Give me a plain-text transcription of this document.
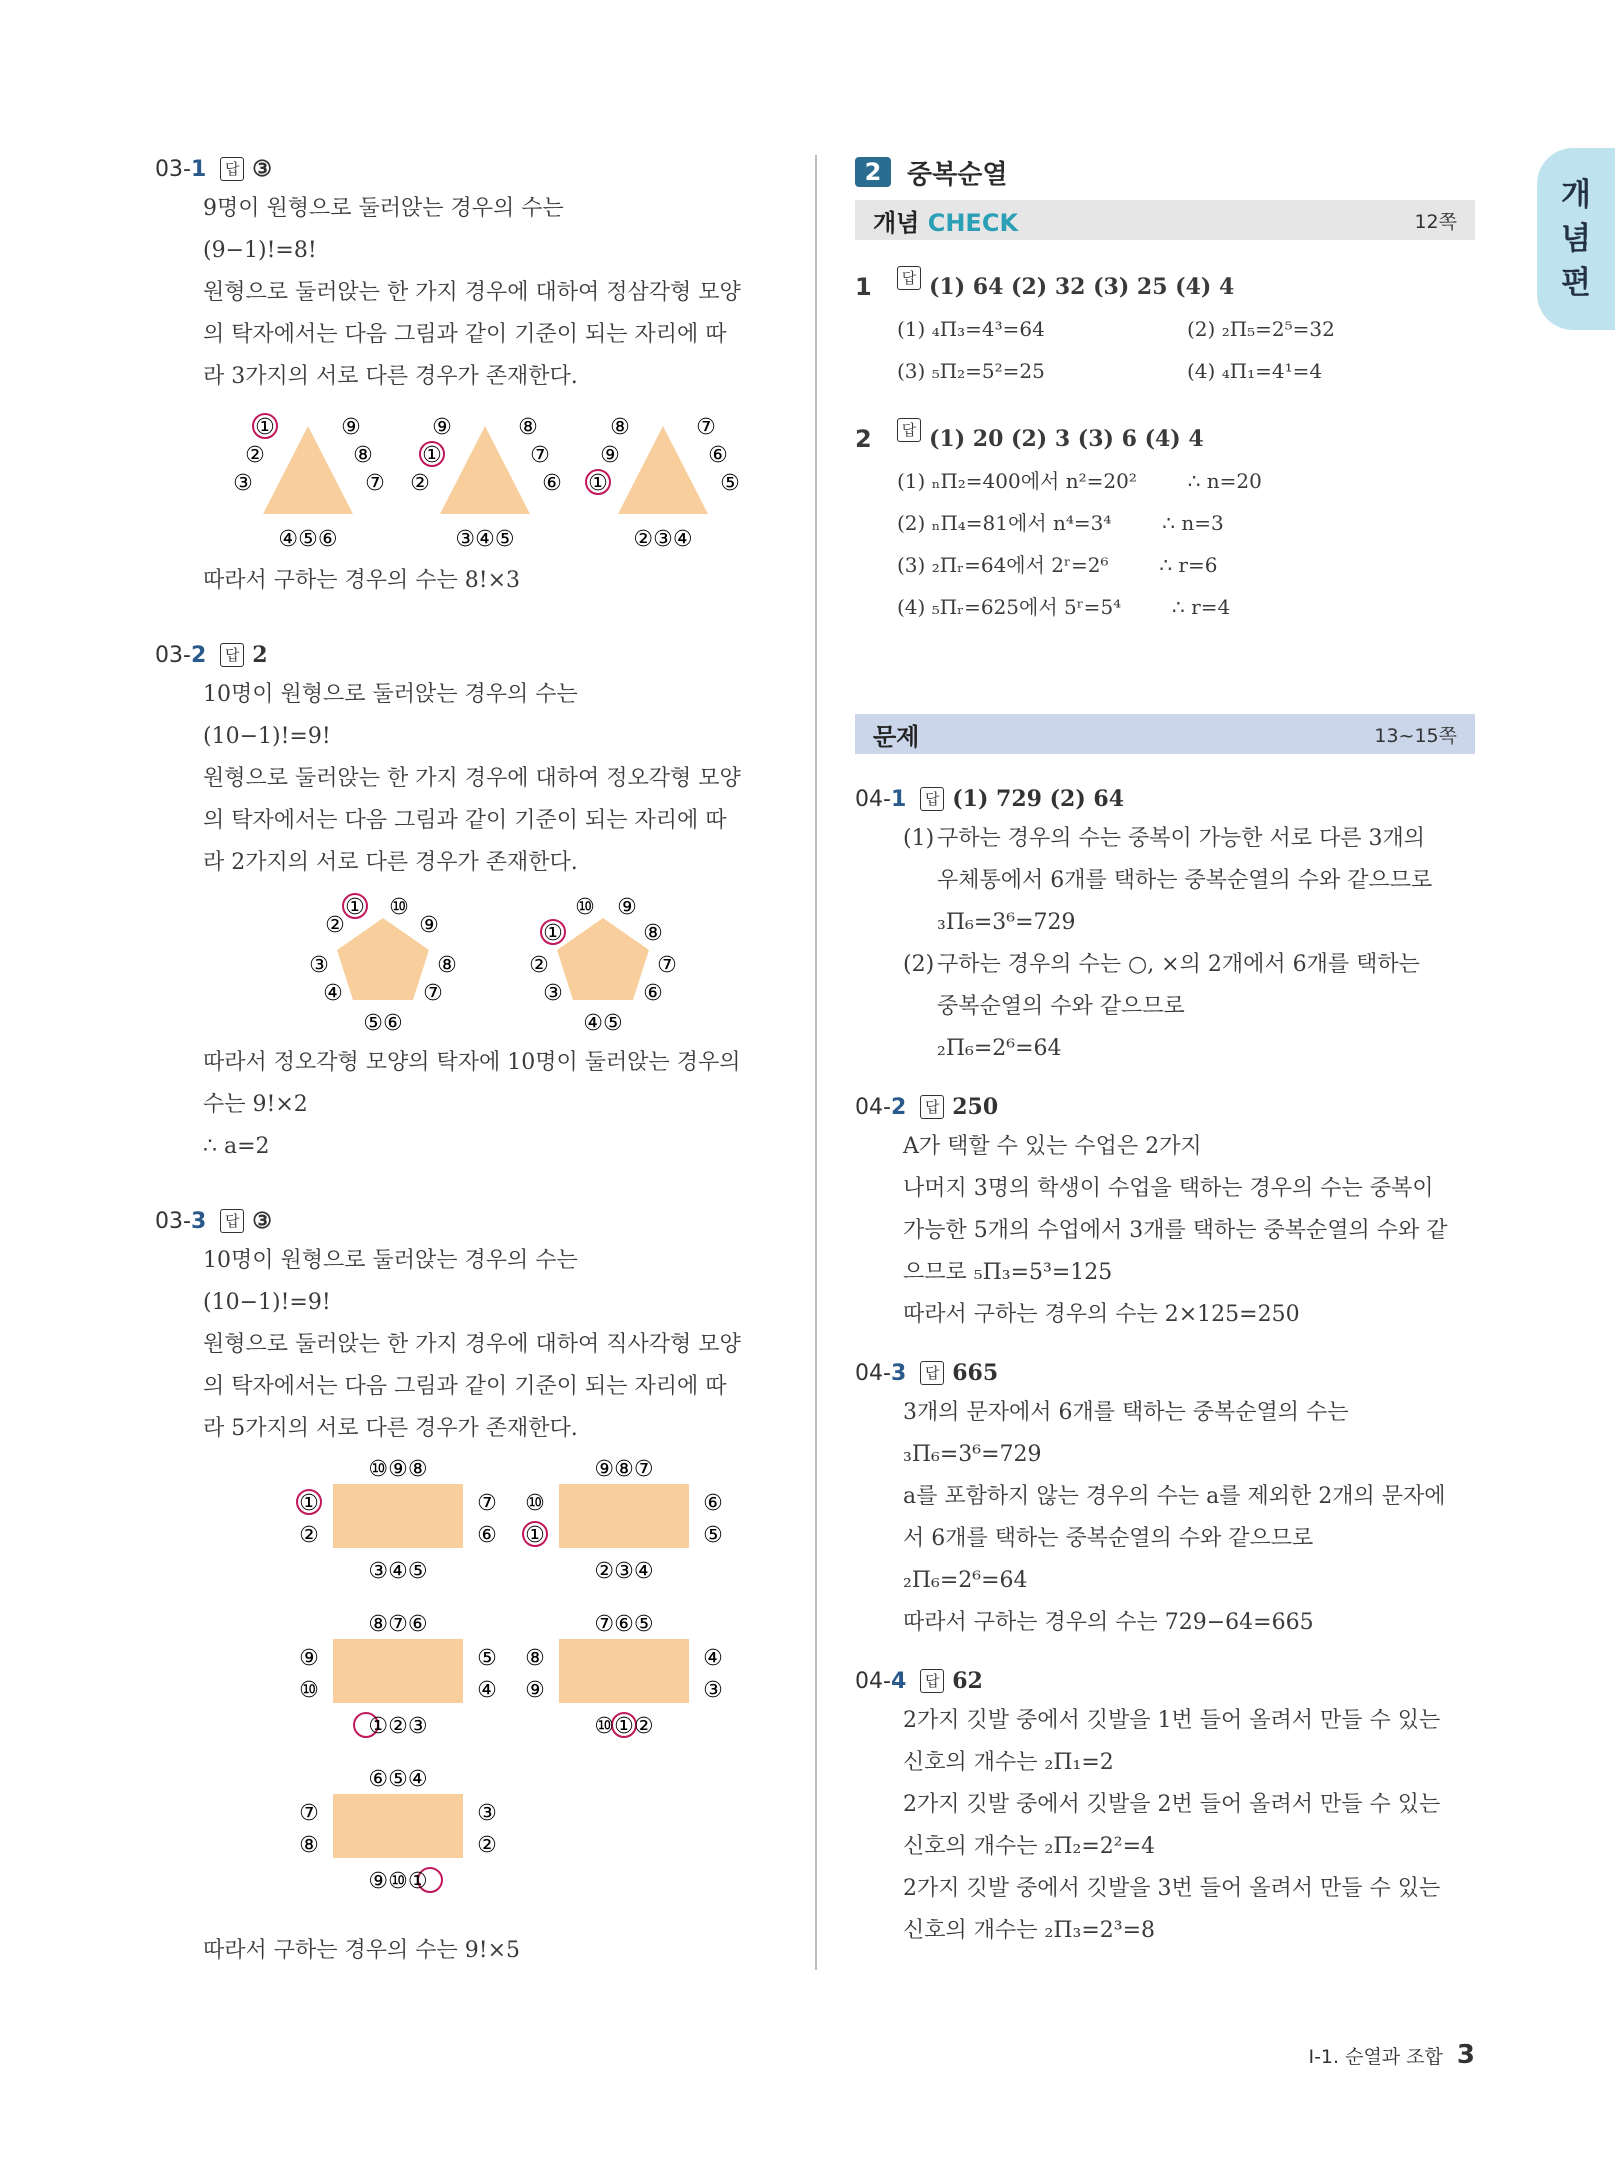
개
념
편
03- 1	답 ③
9명이 원형으로 둘러앉는 경우의 수는
(9−1)!=8!
원형으로 둘러앉는 한 가지 경우에 대하여 정삼각형 모양
의 탁자에서는 다음 그림과 같이 기준이 되는 자리에 따
라 3가지의 서로 다른 경우가 존재한다.
①	⑨
②
③
⑧
⑦
④⑤⑥
⑨	⑧
①
②
⑦
⑥
③④⑤
⑧	⑦
⑨
①
⑥
⑤
②③④
따라서 구하는 경우의 수는 8!×3
03- 2	답 2
10명이 원형으로 둘러앉는 경우의 수는
(10−1)!=9!
원형으로 둘러앉는 한 가지 경우에 대하여 정오각형 모양
의 탁자에서는 다음 그림과 같이 기준이 되는 자리에 따
라 2가지의 서로 다른 경우가 존재한다.
① ⑩
⑨
②
③
④
⑧
⑦
⑤⑥
①
⑩ ⑨
⑧
②
③
⑦
⑥
④⑤
따라서 정오각형 모양의 탁자에 10명이 둘러앉는 경우의
수는 9!×2
∴ a=2
03- 3	답 ③
10명이 원형으로 둘러앉는 경우의 수는
(10−1)!=9!
원형으로 둘러앉는 한 가지 경우에 대하여 직사각형 모양
의 탁자에서는 다음 그림과 같이 기준이 되는 자리에 따
라 5가지의 서로 다른 경우가 존재한다.
⑩⑨⑧
①
②
⑦
⑥
③④⑤
⑨⑧⑦
⑩
①
⑥
⑤
②③④
⑧⑦⑥
⑨
⑩
⑤
④
①②③
⑦⑥⑤
⑧
⑨
④
③
⑩①②
⑥⑤④
⑦
⑧
③
②
⑨⑩①
따라서 구하는 경우의 수는 9!×5
2 중복순열
개념 CHECK	12쪽
1	답 (1) 64 (2) 32 (3) 25 (4) 4
(1) ₄Π₃=4³=64	(2) ₂Π₅=2⁵=32
(3) ₅Π₂=5²=25	(4) ₄Π₁=4¹=4
2	답 (1) 20 (2) 3 (3) 6 (4) 4
(1) ₙΠ₂=400에서 n²=20²        ∴ n=20
(2) ₙΠ₄=81에서 n⁴=3⁴        ∴ n=3
(3) ₂Πᵣ=64에서 2ʳ=2⁶        ∴ r=6
(4) ₅Πᵣ=625에서 5ʳ=5⁴        ∴ r=4
문제	13~15쪽
04- 1	답 (1) 729 (2) 64
(1) 구하는 경우의 수는 중복이 가능한 서로 다른 3개의
우체통에서 6개를 택하는 중복순열의 수와 같으므로
₃Π₆=3⁶=729
(2) 구하는 경우의 수는 ○, ×의 2개에서 6개를 택하는
중복순열의 수와 같으므로
₂Π₆=2⁶=64
04- 2	답 250
A가 택할 수 있는 수업은 2가지
나머지 3명의 학생이 수업을 택하는 경우의 수는 중복이
가능한 5개의 수업에서 3개를 택하는 중복순열의 수와 같
으므로 ₅Π₃=5³=125
따라서 구하는 경우의 수는 2×125=250
04- 3	답 665
3개의 문자에서 6개를 택하는 중복순열의 수는
₃Π₆=3⁶=729
a를 포함하지 않는 경우의 수는 a를 제외한 2개의 문자에
서 6개를 택하는 중복순열의 수와 같으므로
₂Π₆=2⁶=64
따라서 구하는 경우의 수는 729−64=665
04- 4	답 62
2가지 깃발 중에서 깃발을 1번 들어 올려서 만들 수 있는
신호의 개수는 ₂Π₁=2
2가지 깃발 중에서 깃발을 2번 들어 올려서 만들 수 있는
신호의 개수는 ₂Π₂=2²=4
2가지 깃발 중에서 깃발을 3번 들어 올려서 만들 수 있는
신호의 개수는 ₂Π₃=2³=8
Ⅰ-1. 순열과 조합 3
